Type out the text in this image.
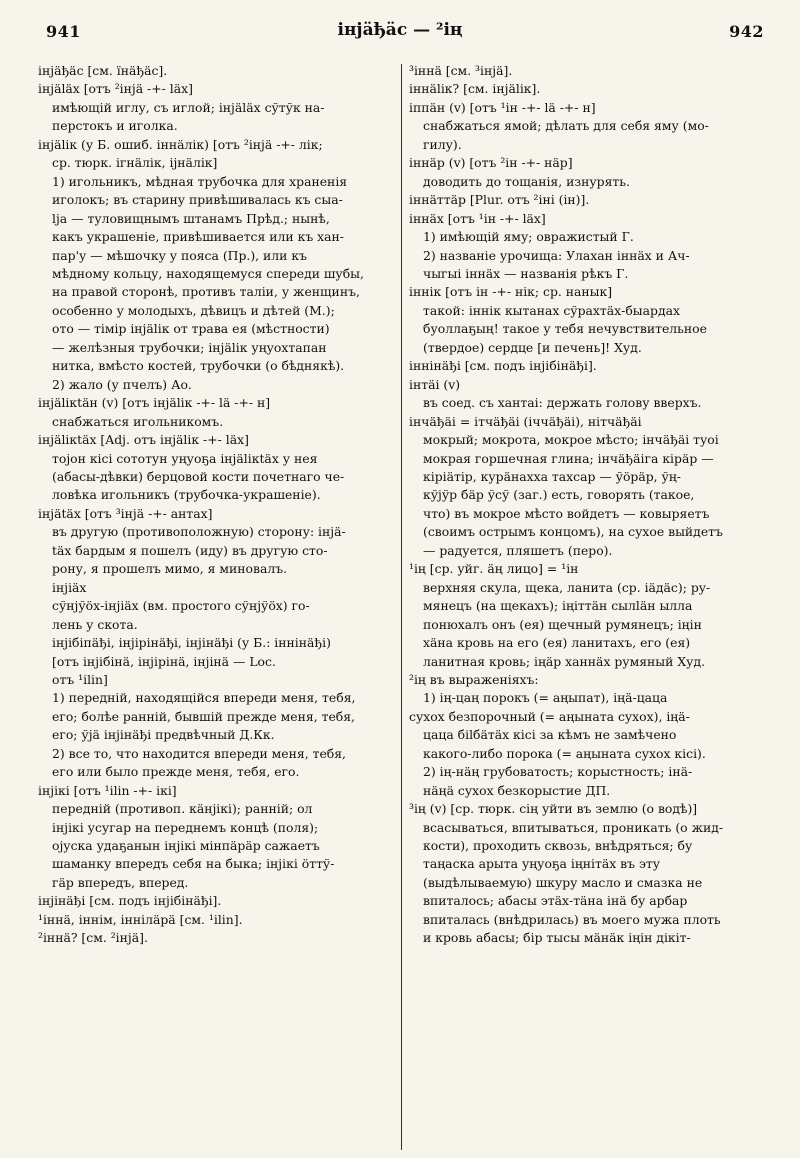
941	інjäђäс — ²ің	942
інjäђäс [см. ïнäђäс].
інjäläx [отъ ²інjä -+- läx]
имѣющій иглу, съ иглой; інjäläx сўтўк на-
перстокъ и иголка.
інjälік (у Б. ошиб. іннäлік) [отъ ²інjä -+- лік;
ср. тюрк. ігнäлік, іjнäлік]
1) игольникъ, мѣдная трубочка для храненія
иголокъ; въ старину привѣшивалась къ сыа-
lja — туловищнымъ штанамъ Прѣд.; нынѣ,
какъ украшеніе, привѣшивается или къ хан-
пар'у — мѣшочку у пояса (Пр.), или къ
мѣдному кольцу, находящемуся спереди шубы,
на правой сторонѣ, противъ таліи, у женщинъ,
особенно у молодыхъ, дѣвицъ и дѣтей (М.);
ото — тімір інjälік от трава ея (мѣстности)
— желѣзныя трубочки; інjälік уңуохтапан
нитка, вмѣсто костей, трубочки (о бѣднякѣ).
2) жало (у пчелъ) Ао.
інjälікtäн (v) [отъ інjälік -+- lä -+- н]
снабжаться игольникомъ.
інjälікtäx [Adj. отъ інjälік -+- läx]
тојон кісі сототун уңуоҕа інjälікtäx у нея
(абасы-дѣвки) берцовой кости почетнаго че-
ловѣка игольникъ (трубочка-украшеніе).
інjätäx [отъ ³інjä -+- антах]
въ другую (противоположную) сторону: інjä-
täx бардым я пошелъ (иду) въ другую сто-
рону, я прошелъ мимо, я миновалъ.
інjіäх
сўнjўöх-інjіäх (вм. простого сўнjўöх) го-
лень у скота.
інjібіпäђі, інjірінäђі, інjінäђі (у Б.: іннінäђі)
[отъ інjібінä, інjірінä, інjінä — Loc.
отъ ¹ilin]
1) передній, находящійся впереди меня, тебя,
его; болѣе ранній, бывшій прежде меня, тебя,
его; ўjä інjінäђі предвѣчный Д.Кк.
2) все то, что находится впереди меня, тебя,
его или было прежде меня, тебя, его.
інjікі [отъ ¹ilin -+- ікі]
передній (противоп. кäнjікі); ранній; ол
інjікі усугар на переднемъ концѣ (поля);
ојуска удаҕанын інjікі мінпäрäр сажаетъ
шаманку впередъ себя на быка; інjікі öттў-
гäр впередъ, вперед.
інjінäђі [см. подъ інjібінäђі].
¹іннä, іннім, іннілäрä [см. ¹ilin].
²іннä? [см. ²інjä].
³іннä [см. ³інjä].
іннälік? [см. інjälік].
іппäн (v) [отъ ¹ін -+- lä -+- н]
снабжаться ямой; дѣлать для себя яму (мо-
гилу).
іннäр (v) [отъ ²ін -+- нäр]
доводить до тощанія, изнурять.
іннäттäр [Plur. отъ ²іні (ін)].
іннäх [отъ ¹ін -+- läх]
1) имѣющій яму; овражистый Г.
2) названіе урочища: Улахан іннäх и Ач-
чыгыі іннäх — названія рѣкъ Г.
іннік [отъ ін -+- нік; ср. нанык]
такой: іннік кытанах сўрахтäх-быардах
буоллаҕың! такое у тебя нечувствительное
(твердое) сердце [и печень]! Худ.
іннінäђі [см. подъ інjібінäђі].
інтäі (v)
въ соед. съ хантаі: держать голову вверхъ.
інчäђäі = ітчäђäі (іччäђäі), нітчäђäі
мокрый; мокрота, мокрое мѣсто; інчäђäі туоі
мокрая горшечная глина; інчäђäіга кірäр —
кіріäтір, курäнахха тахсар — ўöрäр, ўң-
кўјўр бäр ўсў (заг.) есть, говорять (такое,
что) въ мокрое мѣсто войдетъ — ковыряетъ
(своимъ острымъ концомъ), на сухое выйдетъ
— радуется, пляшетъ (перо).
¹ің [ср. уйг. äң лицо] = ¹ін
верхняя скула, щека, ланита (ср. іäдäс); ру-
мянецъ (на щекахъ); іңіттäн сылläн ылла
понюхалъ онъ (ея) щечный румянецъ; іңін
хäна кровь на его (ея) ланитахъ, его (ея)
ланитная кровь; іңäр ханнäх румяный Худ.
²ің въ выраженіяхъ:
1) ің-цаң порокъ (= аңыпат), іңä-цаца
сухох безпорочный (= аңыната сухох), іңä-
цаца біlбäтäх кісі за кѣмъ не замѣчено
какого-либо порока (= аңыната сухох кісі).
2) ің-нäң грубоватость; корыстность; інä-
нäңä сухох безкорыстие ДП.
³ің (v) [ср. тюрк. сің уйти въ землю (о водѣ)]
всасываться, впитываться, проникать (о жид-
кости), проходить сквозь, внѣдряться; бу
таңаска арыта уңуоҕа іңнітäх въ эту
(выдѣлываемую) шкуру масло и смазка не
впиталось; абасы этäх-тäна інä бу арбар
впиталась (внѣдрилась) въ моего мужа плоть
и кровь абасы; бір тысы мäнäк іңін дікіт-
